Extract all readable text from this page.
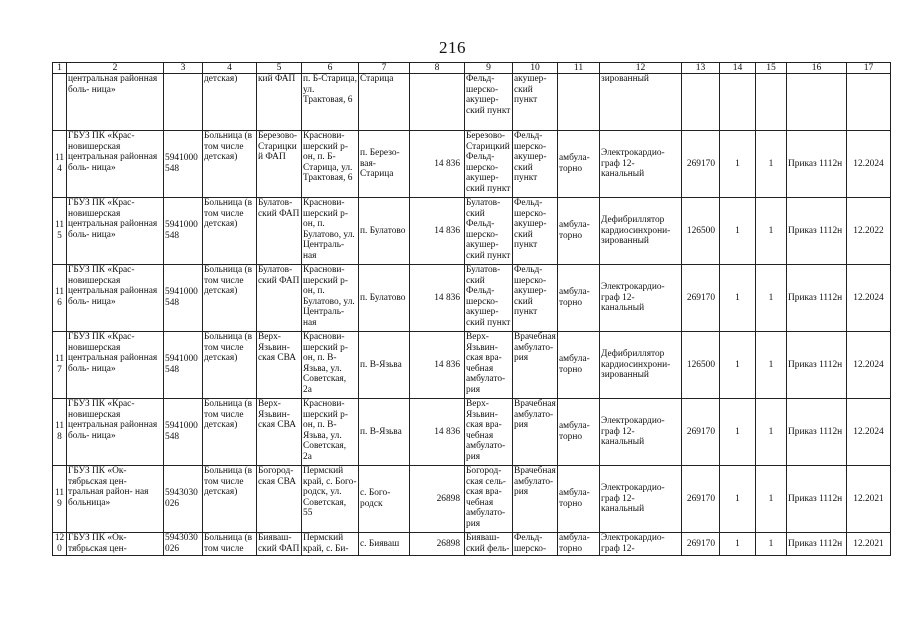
216
1	2	3	4	5	6	7	8	9	10	11	12	13	14	15	16	17
	центральная районная боль- ница»		детская)	кий ФАП	п. Б-Старица, ул. Трактовая, 6	Старица		Фельд- шерско- акушер- ский пункт	акушер- ский пункт		зированный					
114	ГБУЗ ПК «Крас- новишерская центральная районная боль- ница»	5941000 548	Больница (в том числе детская)	Березово- Старицкий ФАП	Краснови- шерский р-он, п. Б-Старица, ул. Трактовая, 6	п. Березо- вая- Старица	14 836	Березово- Старицкий Фельд- шерско- акушер- ский пункт	Фельд- шерско- акушер- ский пункт	амбула- торно	Электрокардио- граф 12- канальный	269170	1	1	Приказ 1112н	12.2024
115	ГБУЗ ПК «Крас- новишерская центральная районная боль- ница»	5941000 548	Больница (в том числе детская)	Булатов- ский ФАП	Краснови- шерский р-он, п. Булатово, ул. Централь- ная	п. Булатово	14 836	Булатов- ский Фельд- шерско- акушер- ский пункт	Фельд- шерско- акушер- ский пункт	амбула- торно	Дефибриллятор кардиосинхрони- зированный	126500	1	1	Приказ 1112н	12.2022
116	ГБУЗ ПК «Крас- новишерская центральная районная боль- ница»	5941000 548	Больница (в том числе детская)	Булатов- ский ФАП	Краснови- шерский р-он, п. Булатово, ул. Централь- ная	п. Булатово	14 836	Булатов- ский Фельд- шерско- акушер- ский пункт	Фельд- шерско- акушер- ский пункт	амбула- торно	Электрокардио- граф 12- канальный	269170	1	1	Приказ 1112н	12.2024
117	ГБУЗ ПК «Крас- новишерская центральная районная боль- ница»	5941000 548	Больница (в том числе детская)	Верх- Язьвин- ская СВА	Краснови- шерский р-он, п. В-Язьва, ул. Советская, 2а	п. В-Язьва	14 836	Верх- Язьвин- ская вра- чебная амбулато- рия	Врачебная амбулато- рия	амбула- торно	Дефибриллятор кардиосинхрони- зированный	126500	1	1	Приказ 1112н	12.2024
118	ГБУЗ ПК «Крас- новишерская центральная районная боль- ница»	5941000 548	Больница (в том числе детская)	Верх- Язьвин- ская СВА	Краснови- шерский р-он, п. В-Язьва, ул. Советская, 2а	п. В-Язьва	14 836	Верх- Язьвин- ская вра- чебная амбулато- рия	Врачебная амбулато- рия	амбула- торно	Электрокардио- граф 12- канальный	269170	1	1	Приказ 1112н	12.2024
119	ГБУЗ ПК «Ок- тябрьская цен- тральная район- ная больница»	5943030 026	Больница (в том числе детская)	Богород- ская СВА	Пермский край, с. Бого- родск, ул. Советская, 55	с. Бого- родск	26898	Богород- ская сель- ская вра- чебная амбулато- рия	Врачебная амбулато- рия	амбула- торно	Электрокардио- граф 12- канальный	269170	1	1	Приказ 1112н	12.2021
120	ГБУЗ ПК «Ок- тябрьская цен-	5943030 026	Больница (в том числе	Бияваш- ский ФАП	Пермский край, с. Би-	с. Бияваш	26898	Бияваш- ский фель-	Фельд- шерско-	амбула- торно	Электрокардио- граф 12-	269170	1	1	Приказ 1112н	12.2021
